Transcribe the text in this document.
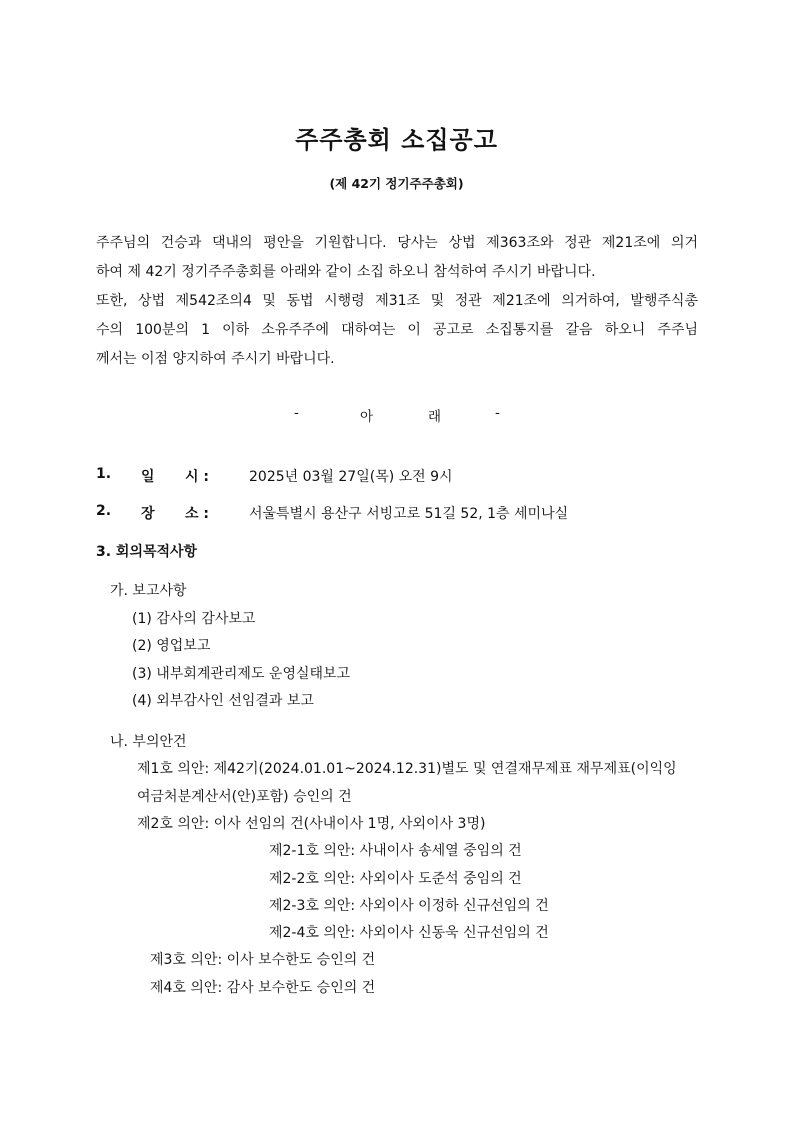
주주총회 소집공고
(제 42기 정기주주총회)
주주님의 건승과 댁내의 평안을 기원합니다. 당사는 상법 제363조와 정관 제21조에 의거
하여 제 42기 정기주주총회를 아래와 같이 소집 하오니 참석하여 주시기 바랍니다.
또한, 상법 제542조의4 및 동법 시행령 제31조 및 정관 제21조에 의거하여, 발행주식총
수의 100분의 1 이하 소유주주에 대하여는 이 공고로 소집통지를 갈음 하오니 주주님
께서는 이점 양지하여 주시기 바랍니다.
-	아	래	-
1. 일 시 :	2025년 03월 27일(목) 오전 9시
2. 장 소 :	서울특별시 용산구 서빙고로 51길 52, 1층 세미나실
3. 회의목적사항
가. 보고사항
(1) 감사의 감사보고
(2) 영업보고
(3) 내부회계관리제도 운영실태보고
(4) 외부감사인 선임결과 보고
나. 부의안건
제1호 의안: 제42기(2024.01.01~2024.12.31)별도 및 연결재무제표 재무제표(이익잉
여금처분계산서(안)포함) 승인의 건
제2호 의안: 이사 선임의 건(사내이사 1명, 사외이사 3명)
제2-1호 의안: 사내이사 송세열 중임의 건
제2-2호 의안: 사외이사 도준석 중임의 건
제2-3호 의안: 사외이사 이정하 신규선임의 건
제2-4호 의안: 사외이사 신동욱 신규선임의 건
제3호 의안: 이사 보수한도 승인의 건
제4호 의안: 감사 보수한도 승인의 건
